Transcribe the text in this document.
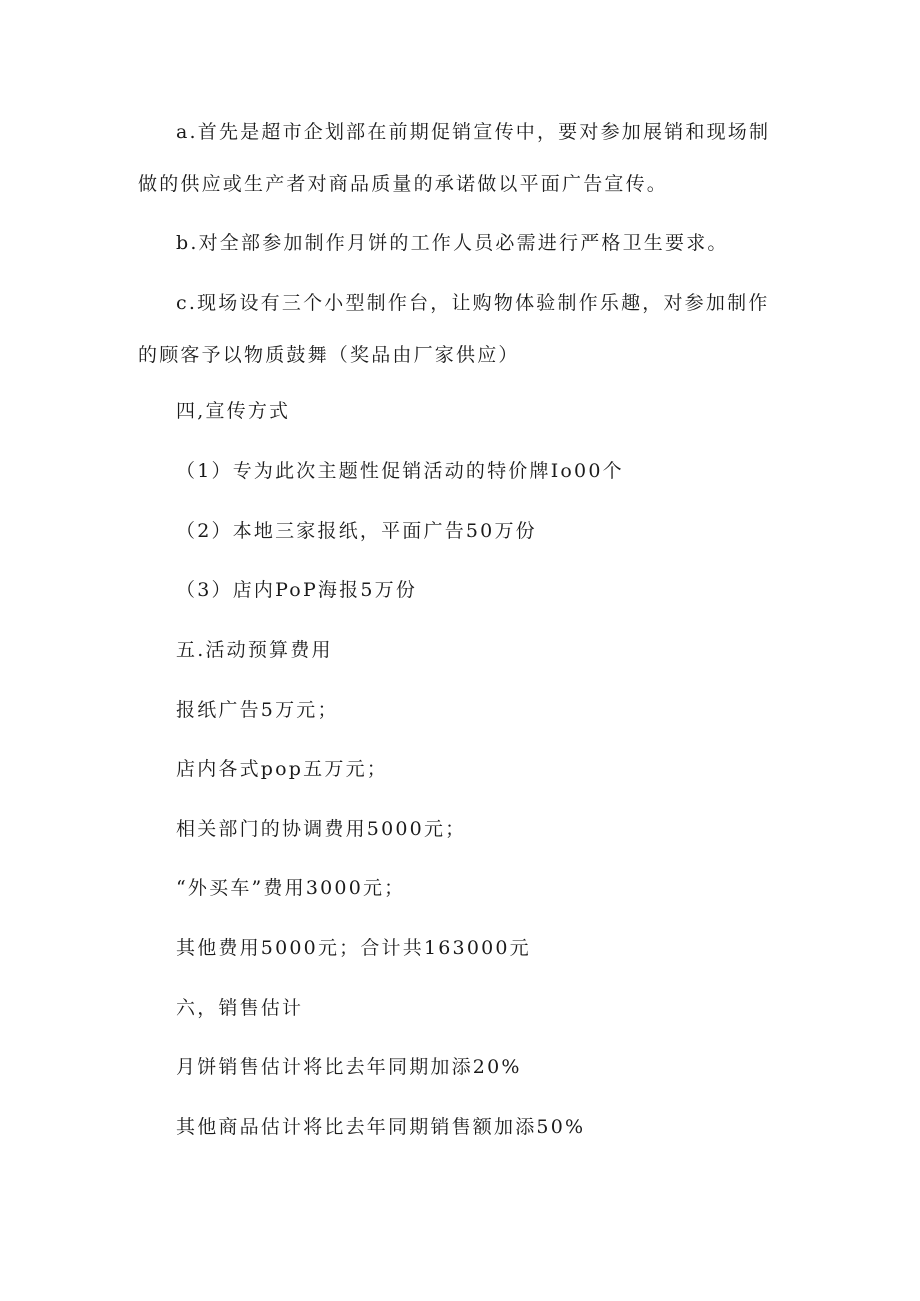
a.首先是超市企划部在前期促销宣传中，要对参加展销和现场制做的供应或生产者对商品质量的承诺做以平面广告宣传。

b.对全部参加制作月饼的工作人员必需进行严格卫生要求。

c.现场设有三个小型制作台，让购物体验制作乐趣，对参加制作的顾客予以物质鼓舞（奖品由厂家供应）

四,宣传方式

（1）专为此次主题性促销活动的特价牌Io00个

（2）本地三家报纸，平面广告50万份

（3）店内PoP海报5万份

五.活动预算费用

报纸广告5万元；

店内各式pop五万元；

相关部门的协调费用5000元；

“外买车”费用3000元；

其他费用5000元；合计共163000元

六，销售估计

月饼销售估计将比去年同期加添20%

其他商品估计将比去年同期销售额加添50%
